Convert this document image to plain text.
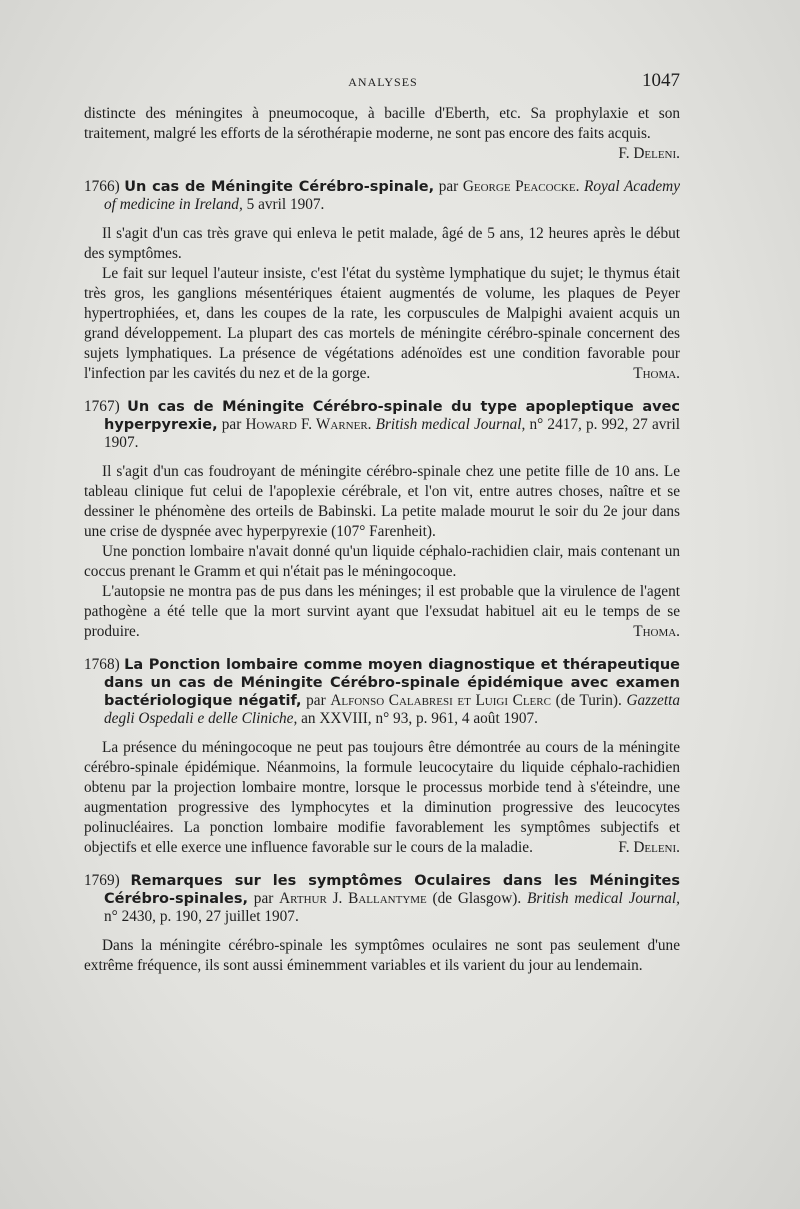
ANALYSES	1047

distincte des méningites à pneumocoque, à bacille d'Eberth, etc. Sa prophylaxie et son traitement, malgré les efforts de la sérothérapie moderne, ne sont pas encore des faits acquis.
F. Deleni.

1766) Un cas de Méningite Cérébro-spinale, par George Peacocke. Royal Academy of medicine in Ireland, 5 avril 1907.

Il s'agit d'un cas très grave qui enleva le petit malade, âgé de 5 ans, 12 heures après le début des symptômes.

Le fait sur lequel l'auteur insiste, c'est l'état du système lymphatique du sujet; le thymus était très gros, les ganglions mésentériques étaient augmentés de volume, les plaques de Peyer hypertrophiées, et, dans les coupes de la rate, les corpuscules de Malpighi avaient acquis un grand développement. La plupart des cas mortels de méningite cérébro-spinale concernent des sujets lymphatiques. La présence de végétations adénoïdes est une condition favorable pour l'infection par les cavités du nez et de la gorge.	Thoma.

1767) Un cas de Méningite Cérébro-spinale du type apopleptique avec hyperpyrexie, par Howard F. Warner. British medical Journal, n° 2417, p. 992, 27 avril 1907.

Il s'agit d'un cas foudroyant de méningite cérébro-spinale chez une petite fille de 10 ans. Le tableau clinique fut celui de l'apoplexie cérébrale, et l'on vit, entre autres choses, naître et se dessiner le phénomène des orteils de Babinski. La petite malade mourut le soir du 2e jour dans une crise de dyspnée avec hyperpyrexie (107° Farenheit).

Une ponction lombaire n'avait donné qu'un liquide céphalo-rachidien clair, mais contenant un coccus prenant le Gramm et qui n'était pas le méningocoque.

L'autopsie ne montra pas de pus dans les méninges; il est probable que la virulence de l'agent pathogène a été telle que la mort survint ayant que l'exsudat habituel ait eu le temps de se produire.	Thoma.

1768) La Ponction lombaire comme moyen diagnostique et thérapeutique dans un cas de Méningite Cérébro-spinale épidémique avec examen bactériologique négatif, par Alfonso Calabresi et Luigi Clerc (de Turin). Gazzetta degli Ospedali e delle Cliniche, an XXVIII, n° 93, p. 961, 4 août 1907.

La présence du méningocoque ne peut pas toujours être démontrée au cours de la méningite cérébro-spinale épidémique. Néanmoins, la formule leucocytaire du liquide céphalo-rachidien obtenu par la projection lombaire montre, lorsque le processus morbide tend à s'éteindre, une augmentation progressive des lymphocytes et la diminution progressive des leucocytes polinucléaires. La ponction lombaire modifie favorablement les symptômes subjectifs et objectifs et elle exerce une influence favorable sur le cours de la maladie.	F. Deleni.

1769) Remarques sur les symptômes Oculaires dans les Méningites Cérébro-spinales, par Arthur J. Ballantyme (de Glasgow). British medical Journal, n° 2430, p. 190, 27 juillet 1907.

Dans la méningite cérébro-spinale les symptômes oculaires ne sont pas seulement d'une extrême fréquence, ils sont aussi éminemment variables et ils varient du jour au lendemain.
